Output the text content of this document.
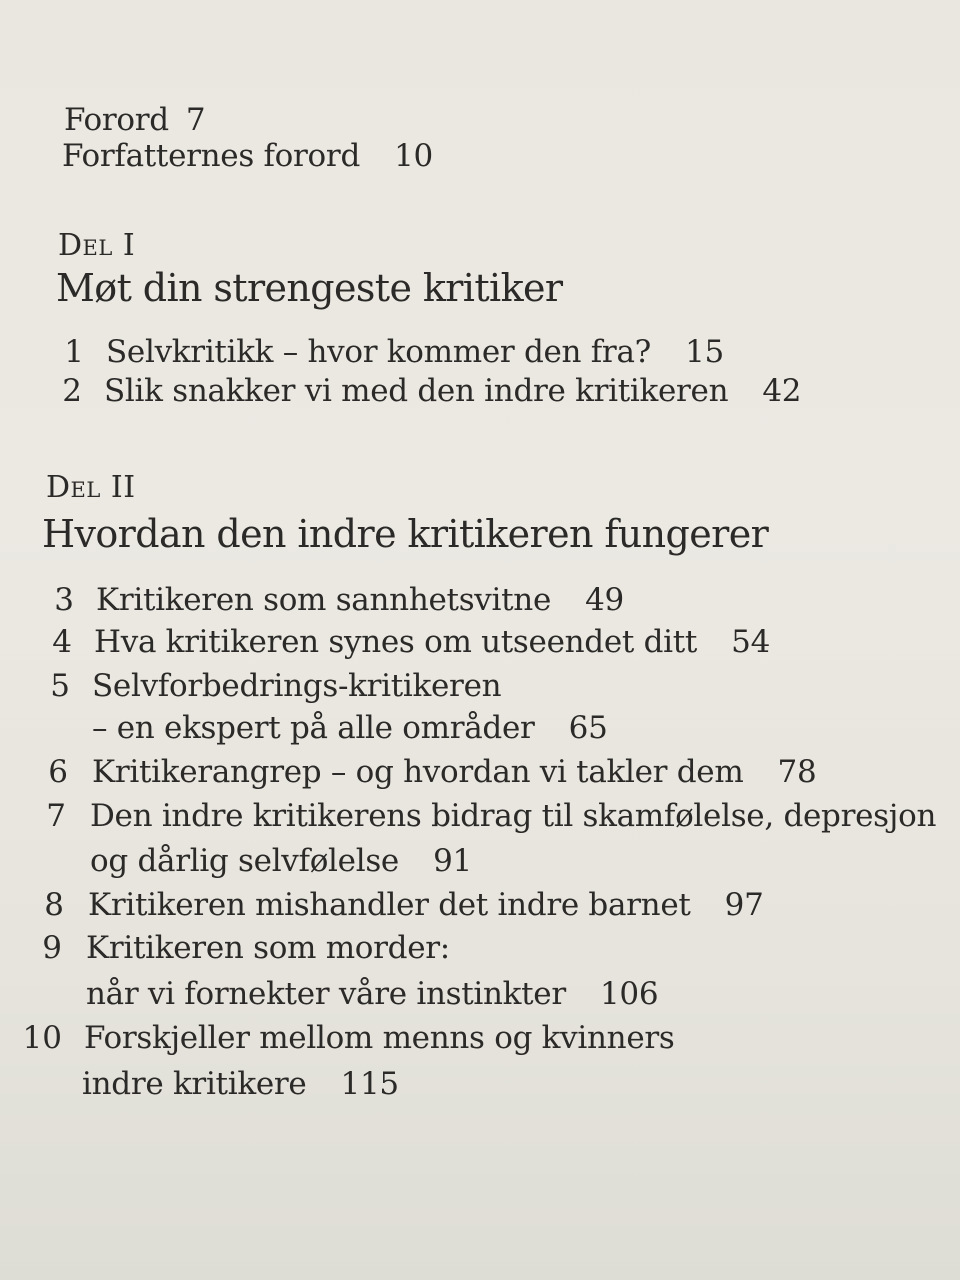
Forord 7
Forfatternes forord 10
Del I
Møt din strengeste kritiker
1 Selvkritikk – hvor kommer den fra? 15
2 Slik snakker vi med den indre kritikeren 42
Del II
Hvordan den indre kritikeren fungerer
3 Kritikeren som sannhetsvitne 49
4 Hva kritikeren synes om utseendet ditt 54
5 Selvforbedrings-kritikeren
– en ekspert på alle områder 65
6 Kritikerangrep – og hvordan vi takler dem 78
7 Den indre kritikerens bidrag til skamfølelse, depresjon
og dårlig selvfølelse 91
8 Kritikeren mishandler det indre barnet 97
9 Kritikeren som morder:
når vi fornekter våre instinkter 106
10 Forskjeller mellom menns og kvinners
indre kritikere 115
